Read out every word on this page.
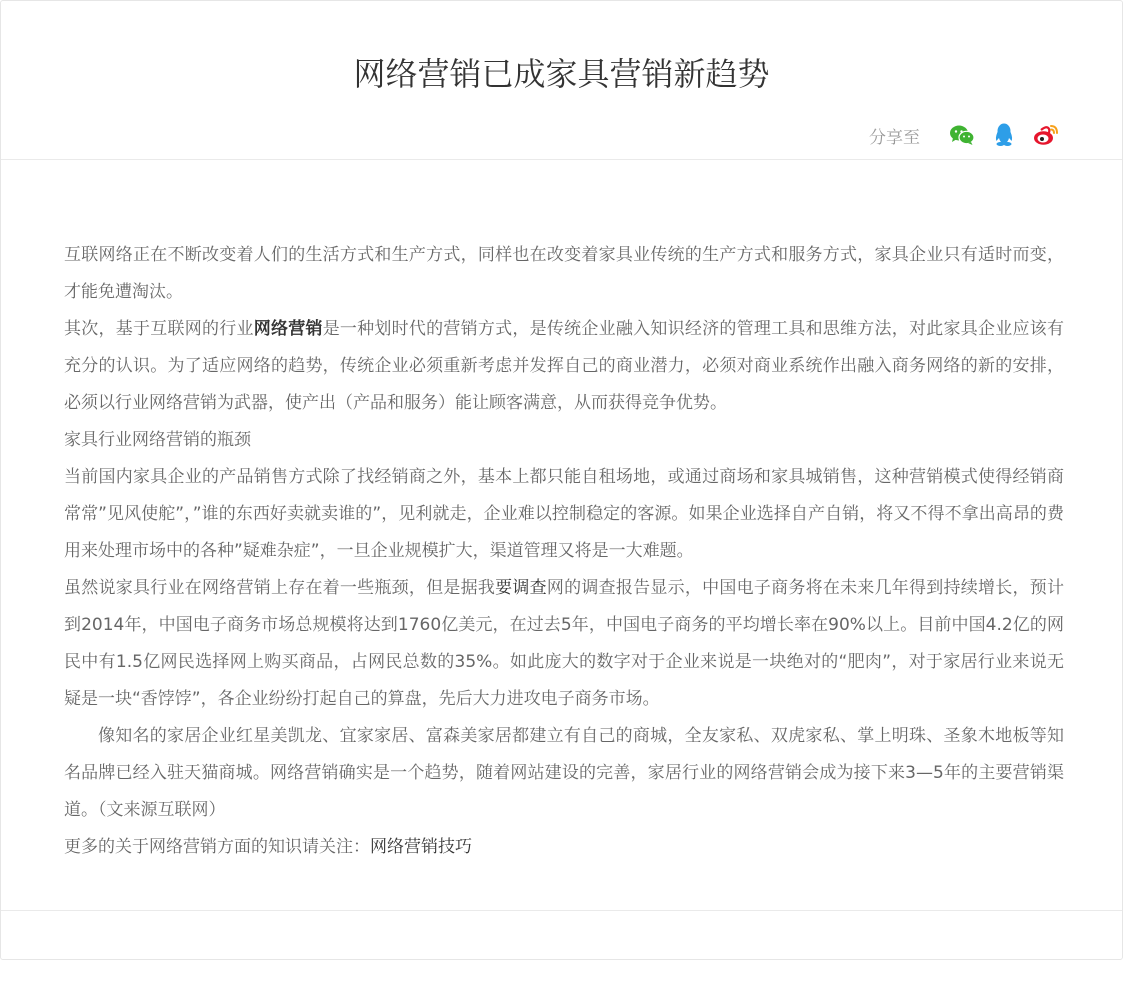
网络营销已成家具营销新趋势
分享至

互联网络正在不断改变着人们的生活方式和生产方式，同样也在改变着家具业传统的生产方式和服务方式，家具企业只有适时而变，才能免遭淘汰。

其次，基于互联网的行业网络营销是一种划时代的营销方式，是传统企业融入知识经济的管理工具和思维方法，对此家具企业应该有充分的认识。为了适应网络的趋势，传统企业必须重新考虑并发挥自己的商业潜力，必须对商业系统作出融入商务网络的新的安排，必须以行业网络营销为武器，使产出（产品和服务）能让顾客满意，从而获得竞争优势。

家具行业网络营销的瓶颈

当前国内家具企业的产品销售方式除了找经销商之外，基本上都只能自租场地，或通过商场和家具城销售，这种营销模式使得经销商常常”见风使舵”，”谁的东西好卖就卖谁的”，见利就走，企业难以控制稳定的客源。如果企业选择自产自销，将又不得不拿出高昂的费用来处理市场中的各种”疑难杂症”，一旦企业规模扩大，渠道管理又将是一大难题。

虽然说家具行业在网络营销上存在着一些瓶颈，但是据我要调查网的调查报告显示，中国电子商务将在未来几年得到持续增长，预计到2014年，中国电子商务市场总规模将达到1760亿美元，在过去5年，中国电子商务的平均增长率在90%以上。目前中国4.2亿的网民中有1.5亿网民选择网上购买商品，占网民总数的35%。如此庞大的数字对于企业来说是一块绝对的“肥肉”，对于家居行业来说无疑是一块“香饽饽”，各企业纷纷打起自己的算盘，先后大力进攻电子商务市场。

像知名的家居企业红星美凯龙、宜家家居、富森美家居都建立有自己的商城，全友家私、双虎家私、掌上明珠、圣象木地板等知名品牌已经入驻天猫商城。网络营销确实是一个趋势，随着网站建设的完善，家居行业的网络营销会成为接下来3—5年的主要营销渠道。（文来源互联网）

更多的关于网络营销方面的知识请关注：网络营销技巧
